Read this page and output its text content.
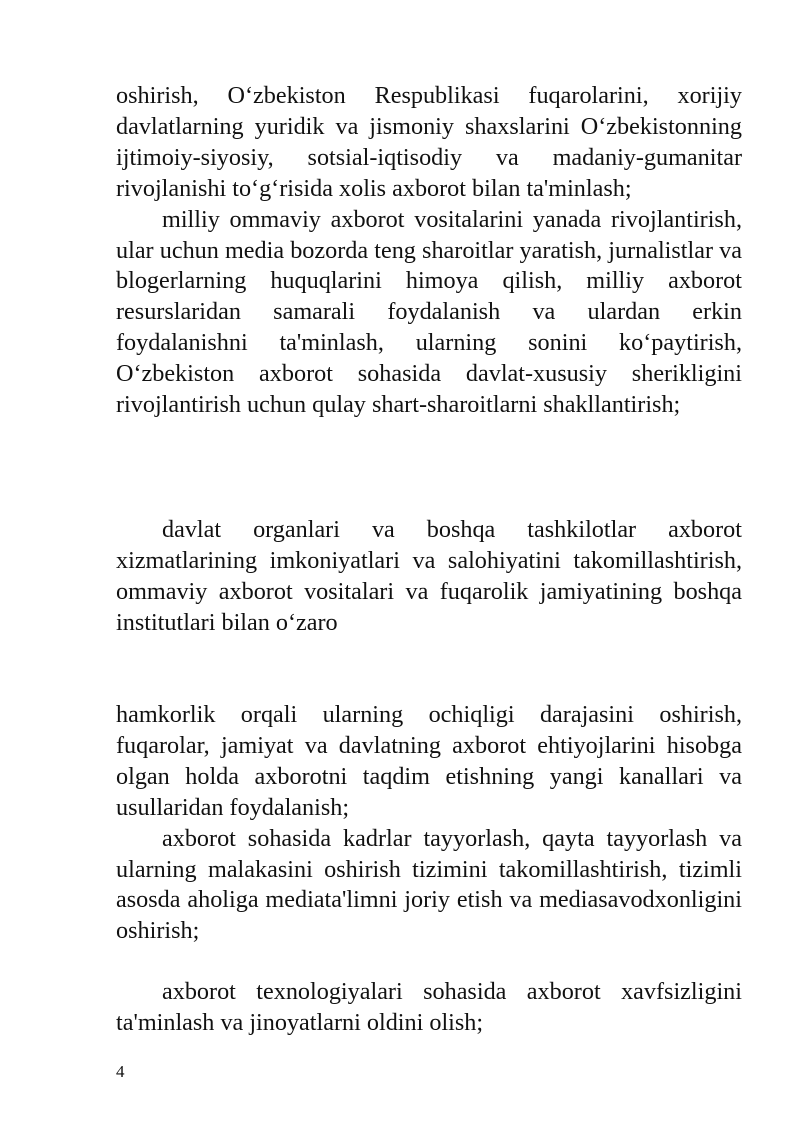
oshirish, O‘zbekiston Respublikasi fuqarolarini, xorijiy davlatlarning yuridik va jismoniy shaxslarini O‘zbekistonning ijtimoiy-siyosiy, sotsial-iqtisodiy va madaniy-gumanitar rivojlanishi to‘g‘risida xolis axborot bilan ta'minlash;

milliy ommaviy axborot vositalarini yanada rivojlantirish, ular uchun media bozorda teng sharoitlar yaratish, jurnalistlar va blogerlarning huquqlarini himoya qilish, milliy axborot resurslaridan samarali foydalanish va ulardan erkin foydalanishni ta'minlash, ularning sonini ko‘paytirish, O‘zbekiston axborot sohasida davlat-xususiy sherikligini rivojlantirish uchun qulay shart-sharoitlarni shakllantirish;

davlat organlari va boshqa tashkilotlar axborot xizmatlarining imkoniyatlari va salohiyatini takomillashtirish, ommaviy axborot vositalari va fuqarolik jamiyatining boshqa institutlari bilan o‘zaro

hamkorlik orqali ularning ochiqligi darajasini oshirish, fuqarolar, jamiyat va davlatning axborot ehtiyojlarini hisobga olgan holda axborotni taqdim etishning yangi kanallari va usullaridan foydalanish;

axborot sohasida kadrlar tayyorlash, qayta tayyorlash va ularning malakasini oshirish tizimini takomillashtirish, tizimli asosda aholiga mediata'limni joriy etish va mediasavodxonligini oshirish;

axborot texnologiyalari sohasida axborot xavfsizligini ta'minlash va jinoyatlarni oldini olish;

4
